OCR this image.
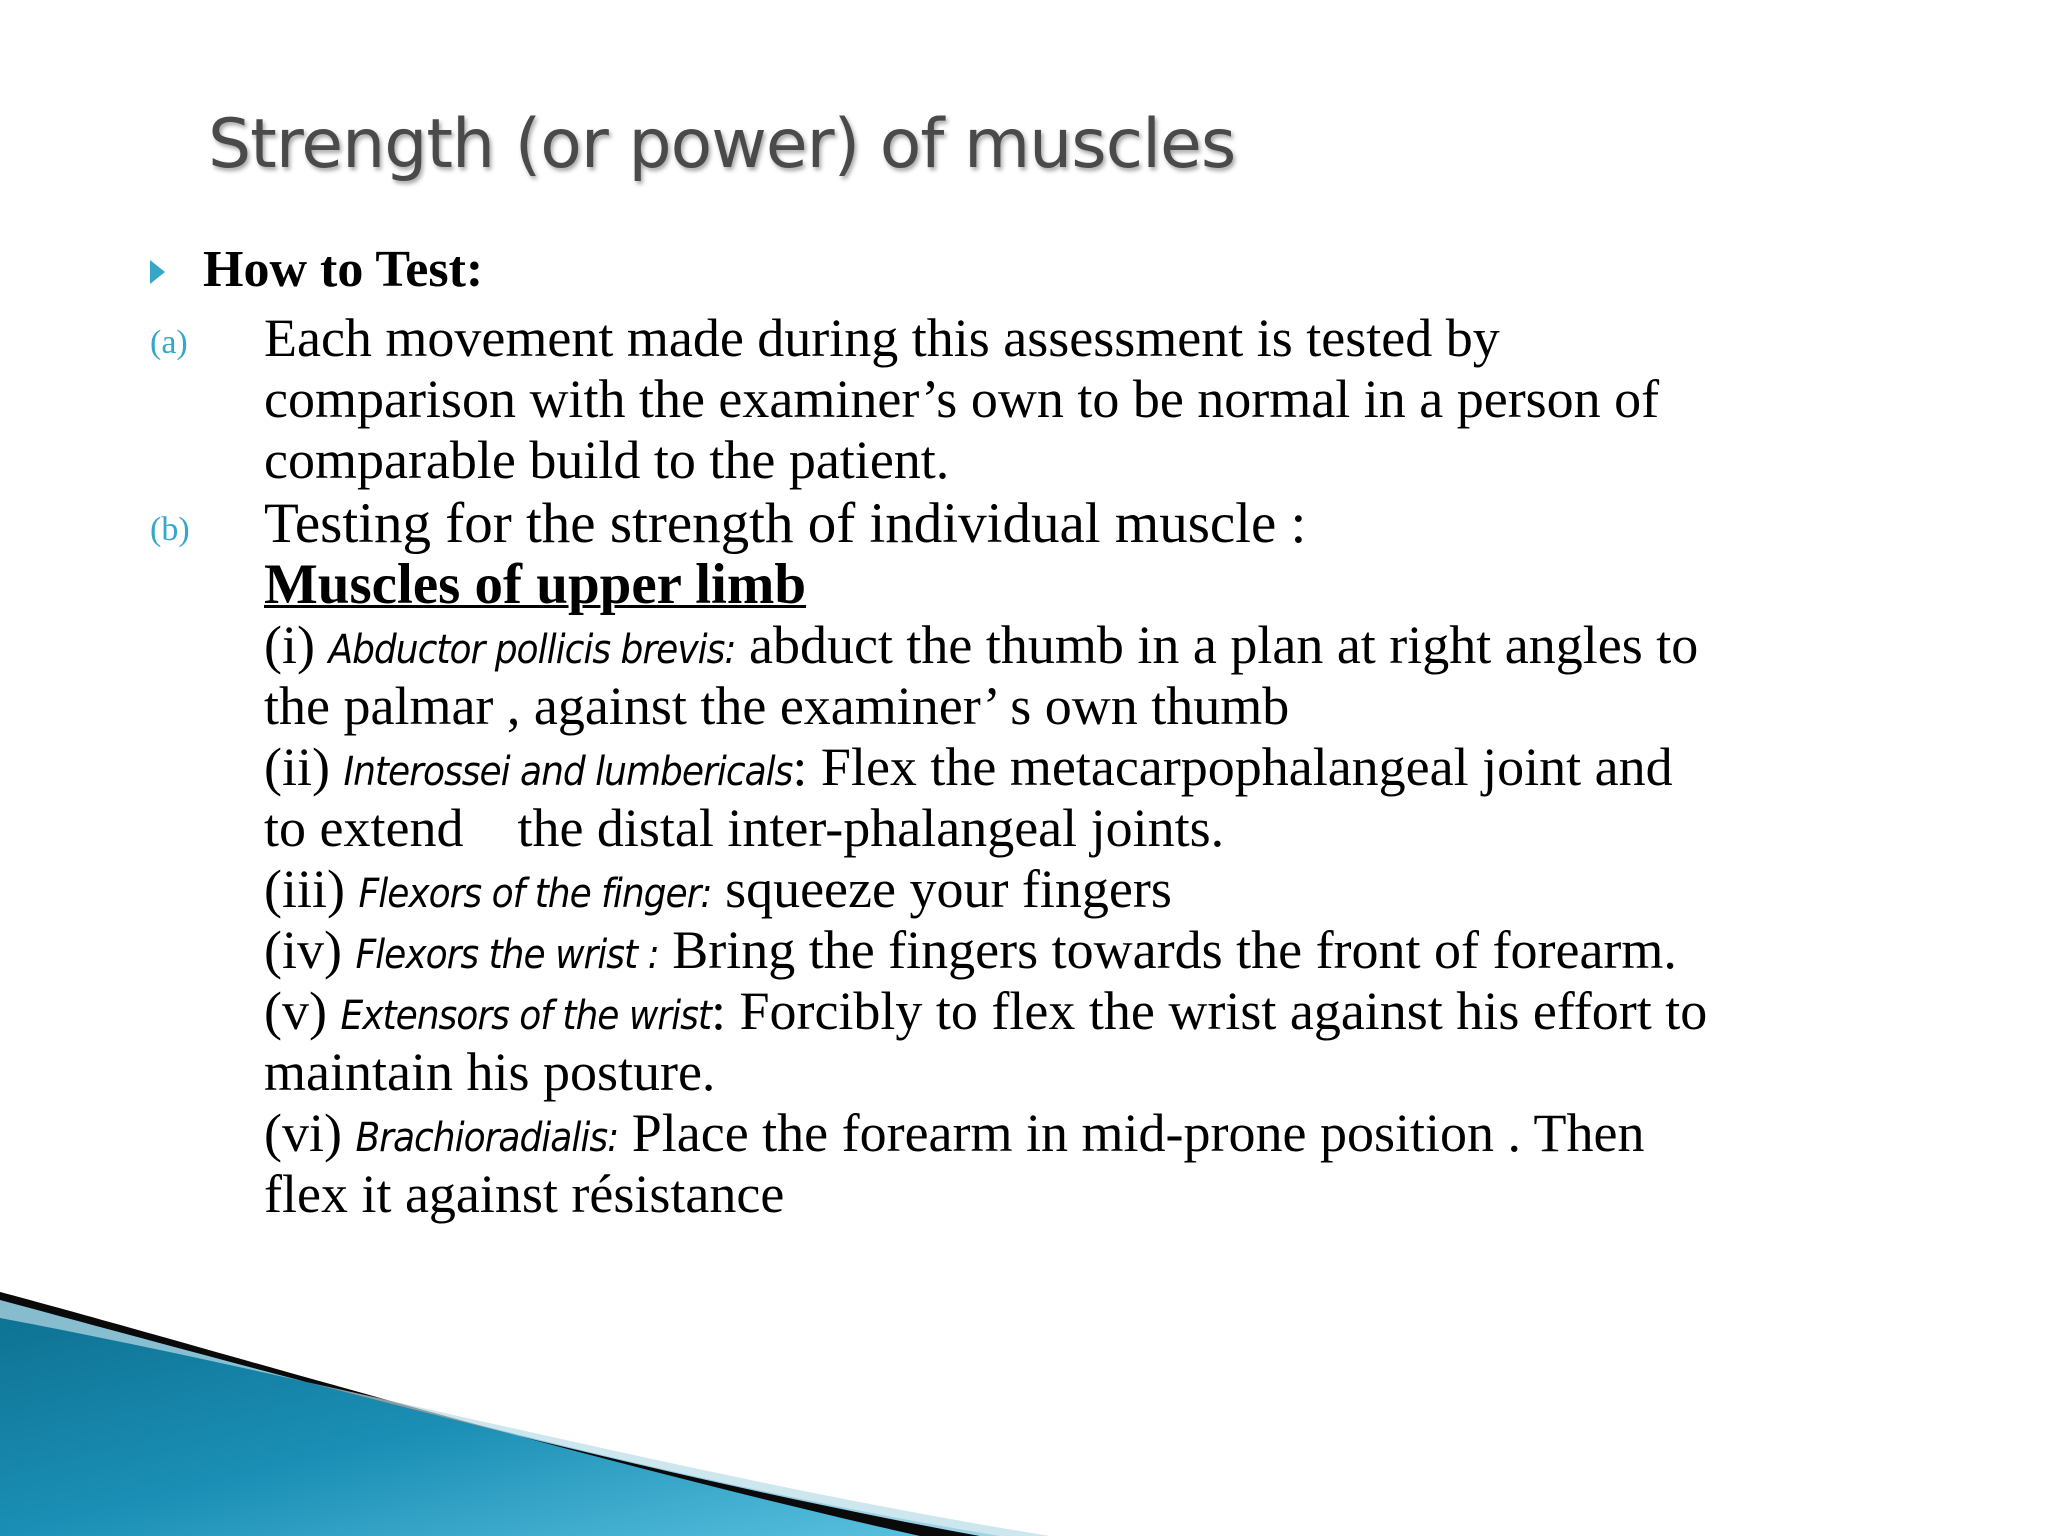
Strength (or power) of muscles
How to Test:
(a) Each movement made during this assessment is tested by
comparison with the examiner’s own to be normal in a person of
comparable build to the patient.
(b) Testing for the strength of individual muscle :
Muscles of upper limb
(i) Abductor pollicis brevis: abduct the thumb in a plan at right angles to
the palmar , against the examiner’ s own thumb
(ii) Interossei and lumbericals: Flex the metacarpophalangeal joint and
to extend    the distal inter-phalangeal joints.
(iii) Flexors of the finger: squeeze your fingers
(iv) Flexors the wrist : Bring the fingers towards the front of forearm.
(v) Extensors of the wrist: Forcibly to flex the wrist against his effort to
maintain his posture.
(vi) Brachioradialis: Place the forearm in mid-prone position . Then
flex it against résistance
